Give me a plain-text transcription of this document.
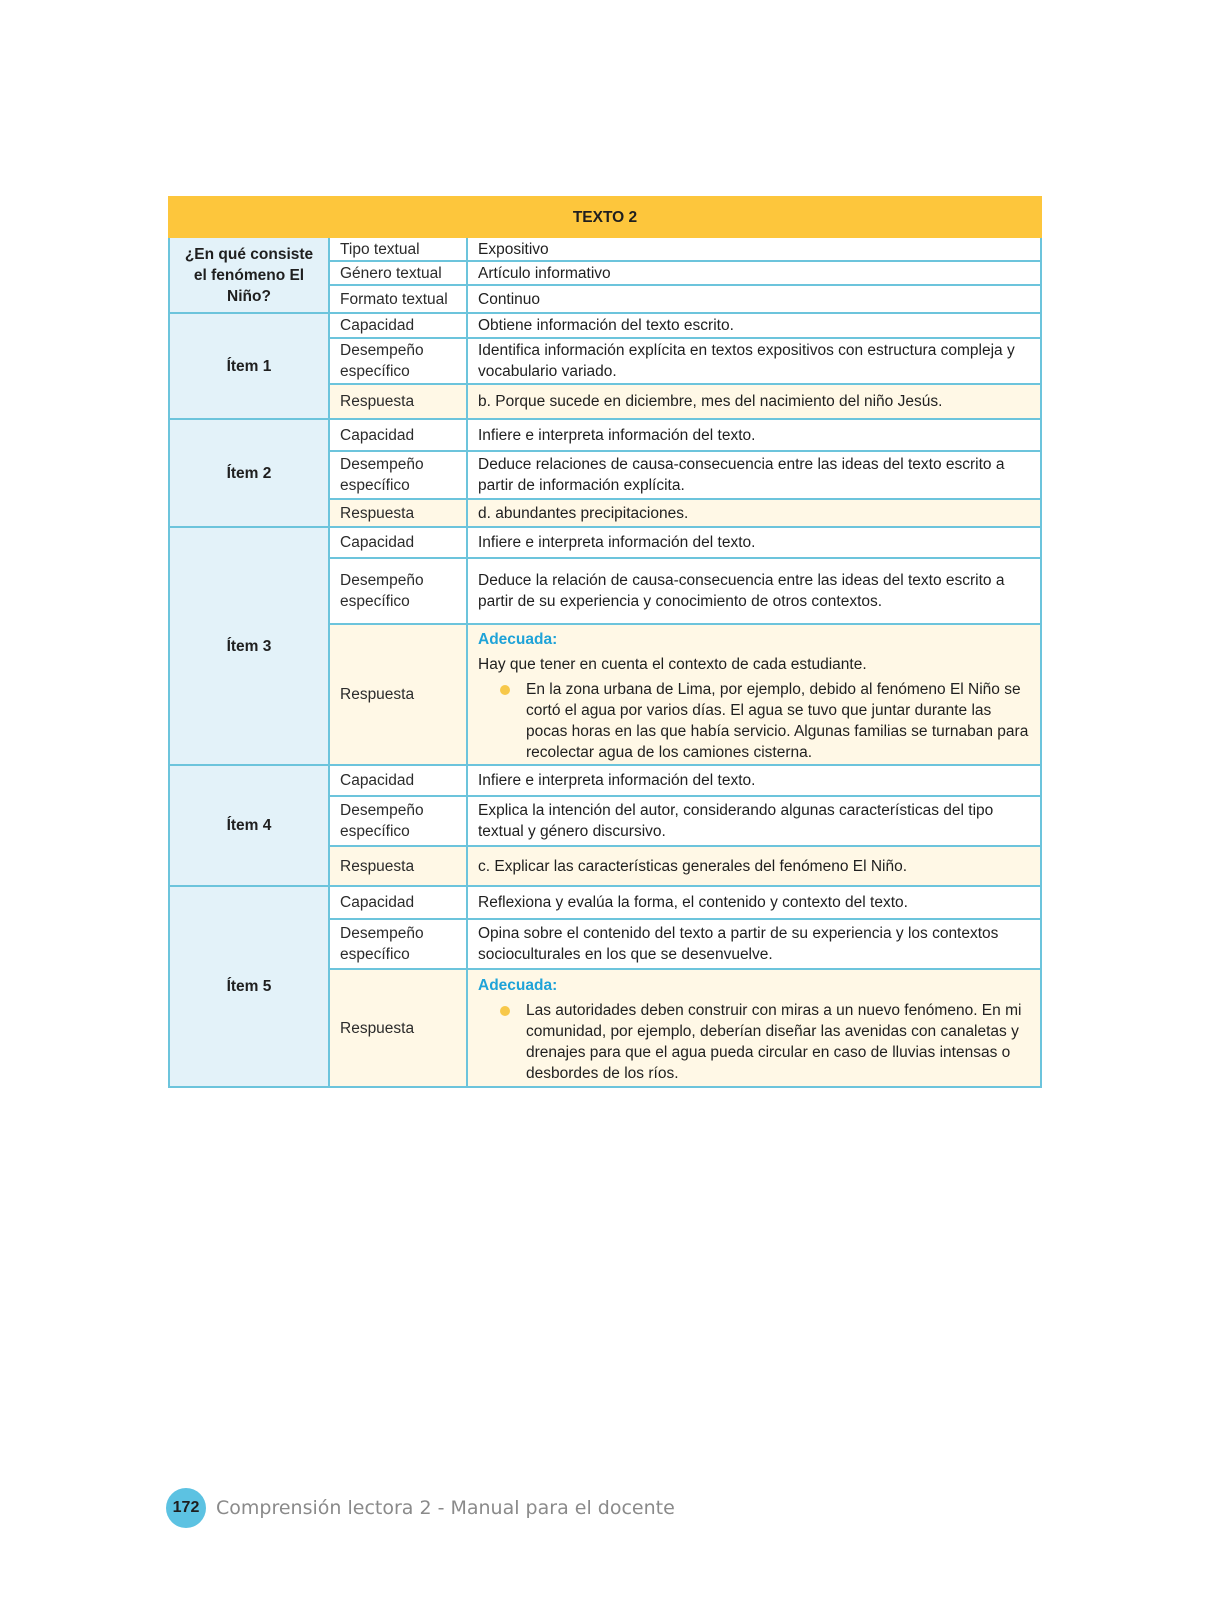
TEXTO 2		
¿En qué consiste el fenómeno El Niño?	Tipo textual	Expositivo
	Género textual	Artículo informativo
	Formato textual	Continuo
Ítem 1	Capacidad	Obtiene información del texto escrito.
	Desempeño específico	Identifica información explícita en textos expositivos con estructura compleja y vocabulario variado.
	Respuesta	b. Porque sucede en diciembre, mes del nacimiento del niño Jesús.
Ítem 2	Capacidad	Infiere e interpreta información del texto.
	Desempeño específico	Deduce relaciones de causa-consecuencia entre las ideas del texto escrito a partir de información explícita.
	Respuesta	d. abundantes precipitaciones.
Ítem 3	Capacidad	Infiere e interpreta información del texto.
	Desempeño específico	Deduce la relación de causa-consecuencia entre las ideas del texto escrito a partir de su experiencia y conocimiento de otros contextos.
	Respuesta	Adecuada:
Hay que tener en cuenta el contexto de cada estudiante.
En la zona urbana de Lima, por ejemplo, debido al fenómeno El Niño se cortó el agua por varios días. El agua se tuvo que juntar durante las pocas horas en las que había servicio. Algunas familias se turnaban para recolectar agua de los camiones cisterna.

Ítem 4	Capacidad	Infiere e interpreta información del texto.
	Desempeño específico	Explica la intención del autor, considerando algunas características del tipo textual y género discursivo.
	Respuesta	c. Explicar las características generales del fenómeno El Niño.
Ítem 5	Capacidad	Reflexiona y evalúa la forma, el contenido y contexto del texto.
	Desempeño específico	Opina sobre el contenido del texto a partir de su experiencia y los contextos socioculturales en los que se desenvuelve.
	Respuesta	Adecuada:
Las autoridades deben construir con miras a un nuevo fenómeno. En mi comunidad, por ejemplo, deberían diseñar las avenidas con canaletas y drenajes para que el agua pueda circular en caso de lluvias intensas o desbordes de los ríos.
172 Comprensión lectora 2 - Manual para el docente
